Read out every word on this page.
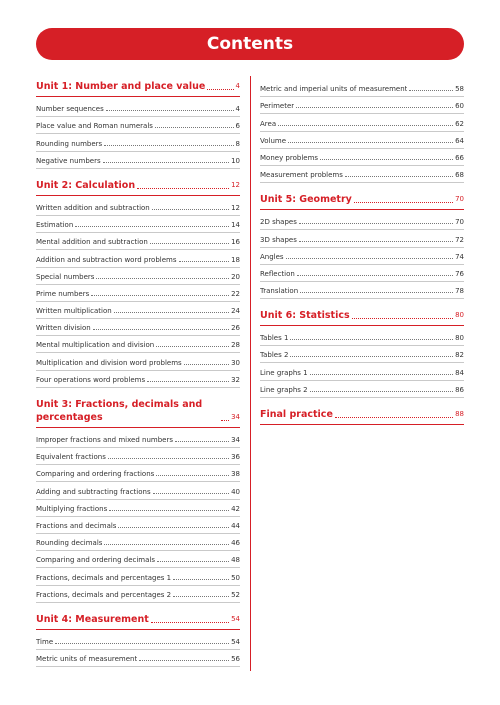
Contents
Unit 1: Number and place value	4
Number sequences	4
Place value and Roman numerals	6
Rounding numbers	8
Negative numbers	10
Unit 2: Calculation	12
Written addition and subtraction	12
Estimation	14
Mental addition and subtraction	16
Addition and subtraction word problems	18
Special numbers	20
Prime numbers	22
Written multiplication	24
Written division	26
Mental multiplication and division	28
Multiplication and division word problems	30
Four operations word problems	32
Unit 3: Fractions, decimals and percentages	34
Improper fractions and mixed numbers	34
Equivalent fractions	36
Comparing and ordering fractions	38
Adding and subtracting fractions	40
Multiplying fractions	42
Fractions and decimals	44
Rounding decimals	46
Comparing and ordering decimals	48
Fractions, decimals and percentages 1	50
Fractions, decimals and percentages 2	52
Unit 4: Measurement	54
Time	54
Metric units of measurement	56
Metric and imperial units of measurement	58
Perimeter	60
Area	62
Volume	64
Money problems	66
Measurement problems	68
Unit 5: Geometry	70
2D shapes	70
3D shapes	72
Angles	74
Reflection	76
Translation	78
Unit 6: Statistics	80
Tables 1	80
Tables 2	82
Line graphs 1	84
Line graphs 2	86
Final practice	88
